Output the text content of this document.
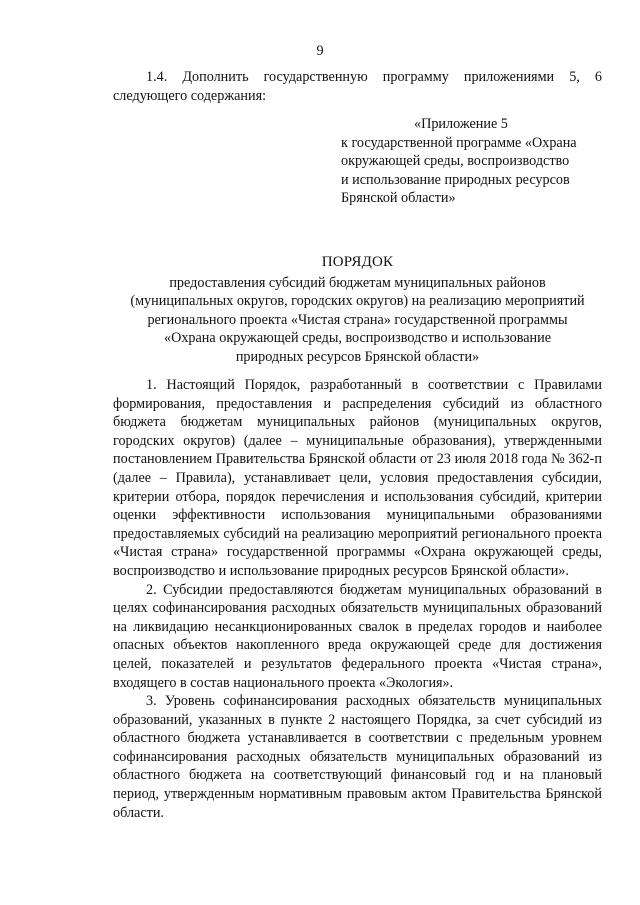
9

1.4. Дополнить государственную программу приложениями 5, 6 следующего содержания:

«Приложение 5
к государственной программе «Охрана
окружающей среды, воспроизводство
и использование природных ресурсов
Брянской области»
ПОРЯДОК
предоставления субсидий бюджетам муниципальных районов
(муниципальных округов, городских округов) на реализацию мероприятий
регионального проекта «Чистая страна» государственной программы
«Охрана окружающей среды, воспроизводство и использование
природных ресурсов Брянской области»

1. Настоящий Порядок, разработанный в соответствии с Правилами формирования, предоставления и распределения субсидий из областного бюджета бюджетам муниципальных районов (муниципальных округов, городских округов) (далее – муниципальные образования), утвержденными постановлением Правительства Брянской области от 23 июля 2018 года № 362-п (далее – Правила), устанавливает цели, условия предоставления субсидии, критерии отбора, порядок перечисления и использования субсидий, критерии оценки эффективности использования муниципальными образованиями предоставляемых субсидий на реализацию мероприятий регионального проекта «Чистая страна» государственной программы «Охрана окружающей среды, воспроизводство и использование природных ресурсов Брянской области».

2. Субсидии предоставляются бюджетам муниципальных образований в целях софинансирования расходных обязательств муниципальных образований на ликвидацию несанкционированных свалок в пределах городов и наиболее опасных объектов накопленного вреда окружающей среде для достижения целей, показателей и результатов федерального проекта «Чистая страна», входящего в состав национального проекта «Экология».

3. Уровень софинансирования расходных обязательств муниципальных образований, указанных в пункте 2 настоящего Порядка, за счет субсидий из областного бюджета устанавливается в соответствии с предельным уровнем софинансирования расходных обязательств муниципальных образований из областного бюджета на соответствующий финансовый год и на плановый период, утвержденным нормативным правовым актом Правительства Брянской области.
